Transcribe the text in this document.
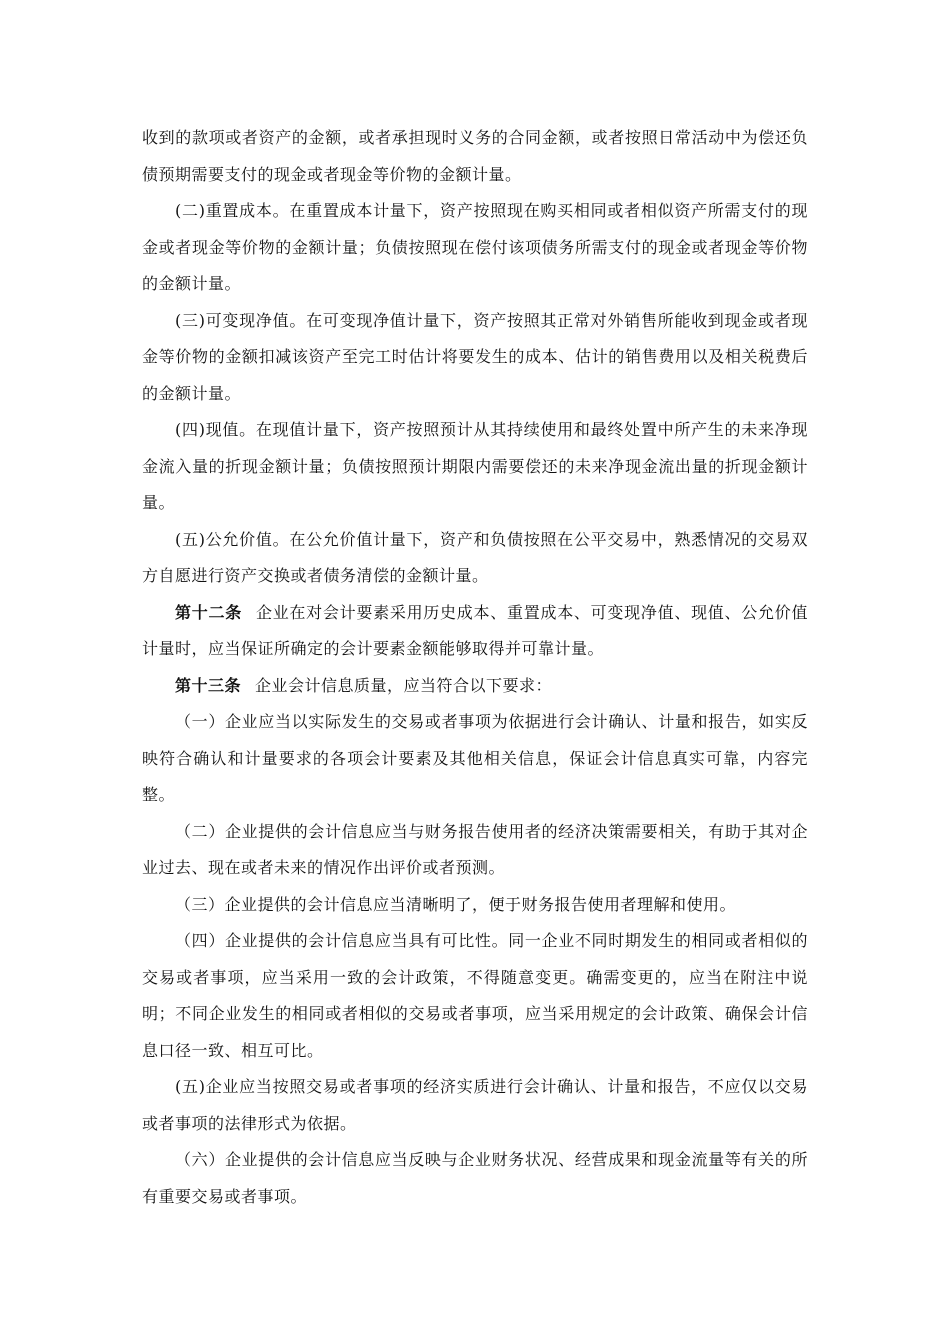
收到的款项或者资产的金额，或者承担现时义务的合同金额，或者按照日常活动中为偿还负债预期需要支付的现金或者现金等价物的金额计量。

(二)重置成本。在重置成本计量下，资产按照现在购买相同或者相似资产所需支付的现金或者现金等价物的金额计量；负债按照现在偿付该项债务所需支付的现金或者现金等价物的金额计量。

(三)可变现净值。在可变现净值计量下，资产按照其正常对外销售所能收到现金或者现金等价物的金额扣减该资产至完工时估计将要发生的成本、估计的销售费用以及相关税费后的金额计量。

(四)现值。在现值计量下，资产按照预计从其持续使用和最终处置中所产生的未来净现金流入量的折现金额计量；负债按照预计期限内需要偿还的未来净现金流出量的折现金额计量。

(五)公允价值。在公允价值计量下，资产和负债按照在公平交易中，熟悉情况的交易双方自愿进行资产交换或者债务清偿的金额计量。

第十二条 企业在对会计要素采用历史成本、重置成本、可变现净值、现值、公允价值计量时，应当保证所确定的会计要素金额能够取得并可靠计量。

第十三条 企业会计信息质量，应当符合以下要求：

（一）企业应当以实际发生的交易或者事项为依据进行会计确认、计量和报告，如实反映符合确认和计量要求的各项会计要素及其他相关信息，保证会计信息真实可靠，内容完整。

（二）企业提供的会计信息应当与财务报告使用者的经济决策需要相关，有助于其对企业过去、现在或者未来的情况作出评价或者预测。

（三）企业提供的会计信息应当清晰明了，便于财务报告使用者理解和使用。

（四）企业提供的会计信息应当具有可比性。同一企业不同时期发生的相同或者相似的交易或者事项，应当采用一致的会计政策，不得随意变更。确需变更的，应当在附注中说明；不同企业发生的相同或者相似的交易或者事项，应当采用规定的会计政策、确保会计信息口径一致、相互可比。

(五)企业应当按照交易或者事项的经济实质进行会计确认、计量和报告，不应仅以交易或者事项的法律形式为依据。

（六）企业提供的会计信息应当反映与企业财务状况、经营成果和现金流量等有关的所有重要交易或者事项。
